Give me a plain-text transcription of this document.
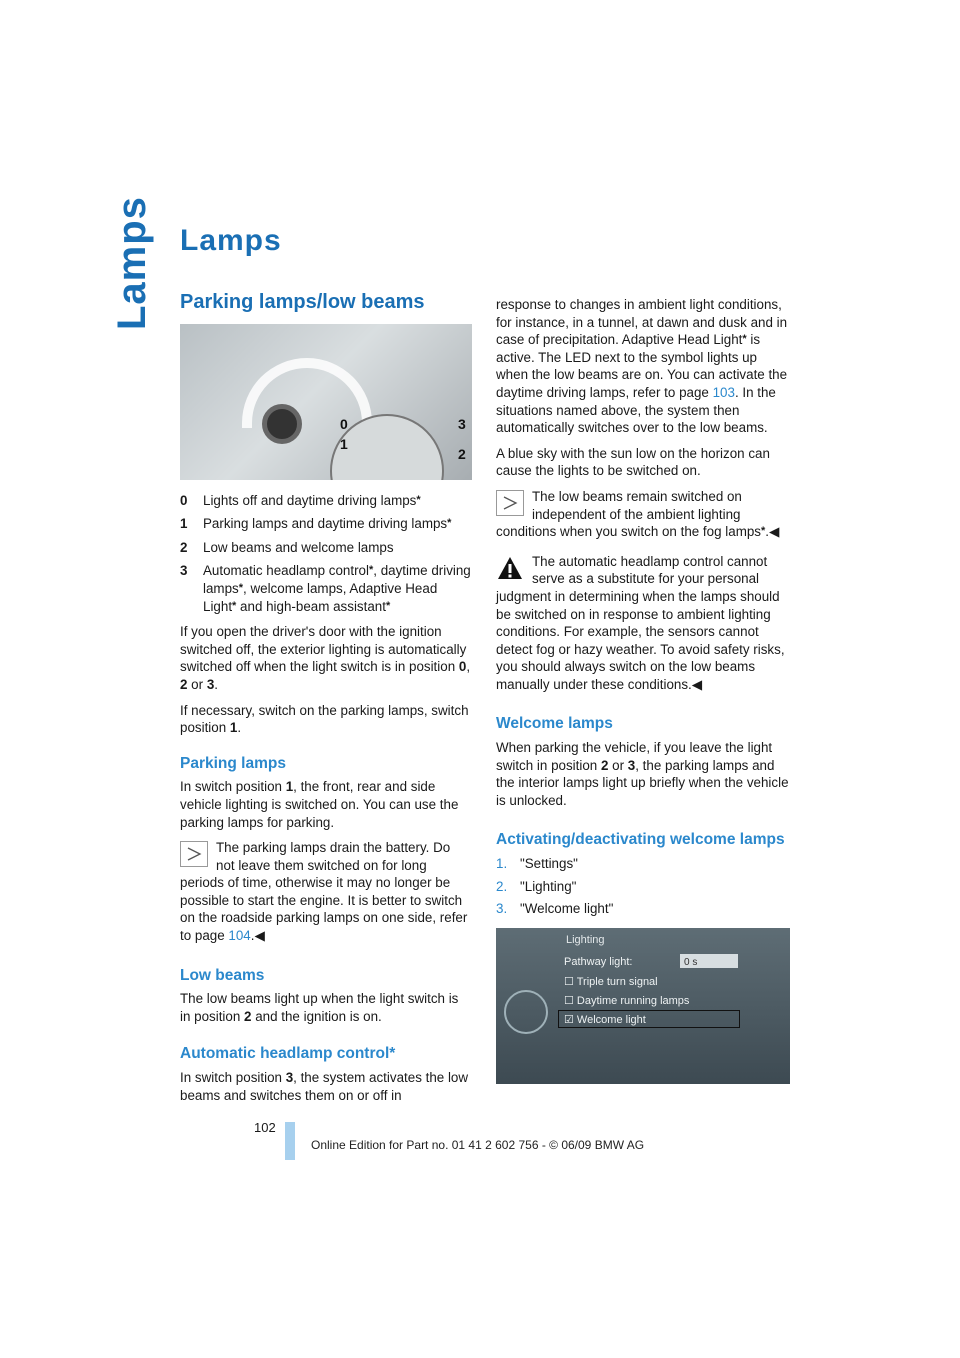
Lamps Lamps
Parking lamps/low beams
0
1
3
2
0	Lights off and daytime driving lamps*
1	Parking lamps and daytime driving lamps*
2	Low beams and welcome lamps
3	Automatic headlamp control*, daytime driving lamps*, welcome lamps, Adaptive Head Light* and high-beam assistant*

If you open the driver's door with the ignition switched off, the exterior lighting is automatically switched off when the light switch is in position 0, 2 or 3.

If necessary, switch on the parking lamps, switch position 1.

Parking lamps

In switch position 1, the front, rear and side vehicle lighting is switched on. You can use the parking lamps for parking.

The parking lamps drain the battery. Do not leave them switched on for long periods of time, otherwise it may no longer be possible to start the engine. It is better to switch on the roadside parking lamps on one side, refer to page 104.◀
Low beams

The low beams light up when the light switch is in position 2 and the ignition is on.

Automatic headlamp control*

In switch position 3, the system activates the low beams and switches them on or off in

response to changes in ambient light conditions, for instance, in a tunnel, at dawn and dusk and in case of precipitation. Adaptive Head Light* is active. The LED next to the symbol lights up when the low beams are on. You can activate the daytime driving lamps, refer to page 103. In the situations named above, the system then automatically switches over to the low beams.

A blue sky with the sun low on the horizon can cause the lights to be switched on.

The low beams remain switched on independent of the ambient lighting conditions when you switch on the fog lamps*.◀
The automatic headlamp control cannot serve as a substitute for your personal judgment in determining when the lamps should be switched on in response to ambient lighting conditions. For example, the sensors cannot detect fog or hazy weather. To avoid safety risks, you should always switch on the low beams manually under these conditions.◀
Welcome lamps

When parking the vehicle, if you leave the light switch in position 2 or 3, the parking lamps and the interior lamps light up briefly when the vehicle is unlocked.

Activating/deactivating welcome lamps
1. "Settings"
2. "Lighting"
3. "Welcome light"
Lighting
Pathway light:	0 s
☐ Triple turn signal
☐ Daytime running lamps
☑ Welcome light
102
Online Edition for Part no. 01 41 2 602 756 - © 06/09 BMW AG
